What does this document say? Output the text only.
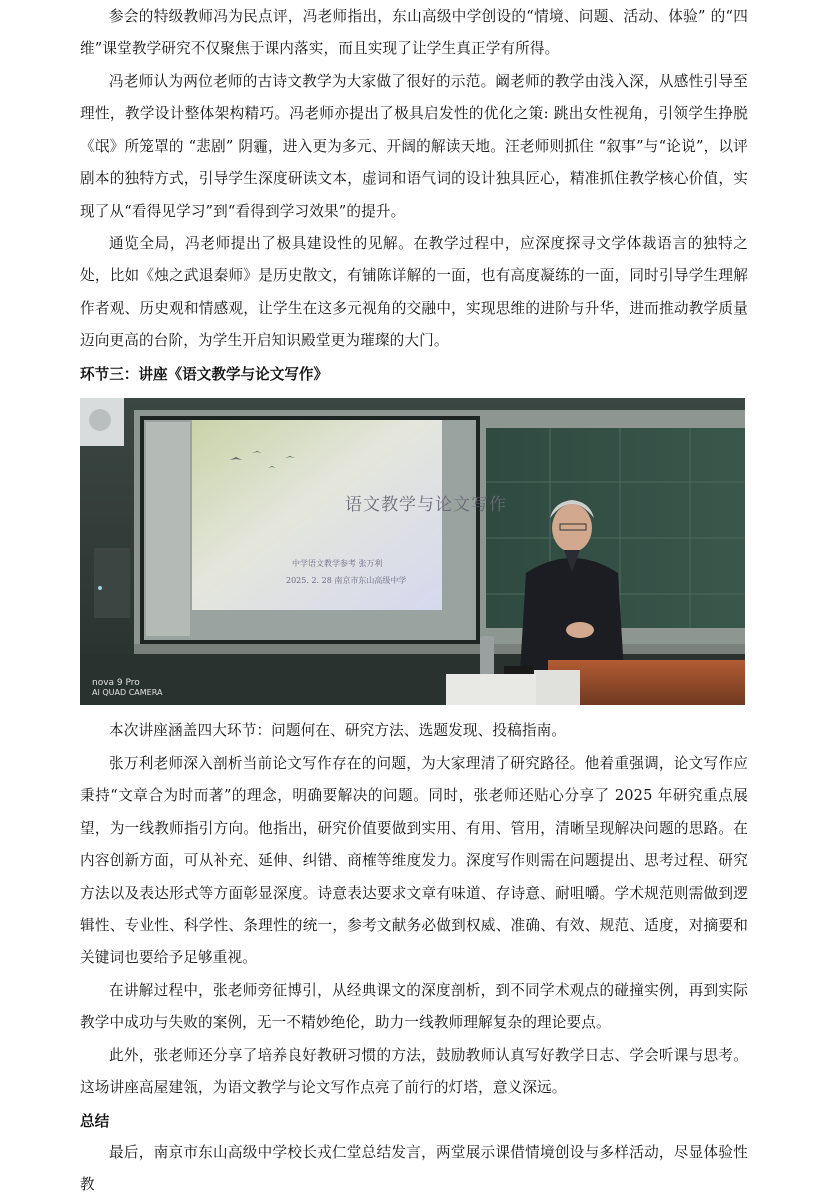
参会的特级教师冯为民点评，冯老师指出，东山高级中学创设的“情境、问题、活动、体验” 的“四维”课堂教学研究不仅聚焦于课内落实，而且实现了让学生真正学有所得。

冯老师认为两位老师的古诗文教学为大家做了很好的示范。阚老师的教学由浅入深，从感性引导至理性，教学设计整体架构精巧。冯老师亦提出了极具启发性的优化之策: 跳出女性视角，引领学生挣脱《氓》所笼罩的 “悲剧” 阴霾，进入更为多元、开阔的解读天地。汪老师则抓住 “叙事”与“论说”，以评剧本的独特方式，引导学生深度研读文本，虚词和语气词的设计独具匠心，精准抓住教学核心价值，实现了从“看得见学习”到“看得到学习效果”的提升。

通览全局，冯老师提出了极具建设性的见解。在教学过程中，应深度探寻文学体裁语言的独特之处，比如《烛之武退秦师》是历史散文，有铺陈详解的一面，也有高度凝练的一面，同时引导学生理解作者观、历史观和情感观，让学生在这多元视角的交融中，实现思维的进阶与升华，进而推动教学质量迈向更高的台阶，为学生开启知识殿堂更为璀璨的大门。

环节三：讲座《语文教学与论文写作》
语文教学与论文写作
中学语文教学参考 张万利
2025. 2. 28 南京市东山高级中学
nova 9 Pro
AI QUAD CAMERA

本次讲座涵盖四大环节：问题何在、研究方法、选题发现、投稿指南。

张万利老师深入剖析当前论文写作存在的问题，为大家理清了研究路径。他着重强调，论文写作应秉持“文章合为时而著”的理念，明确要解决的问题。同时，张老师还贴心分享了 2025 年研究重点展望，为一线教师指引方向。他指出，研究价值要做到实用、有用、管用，清晰呈现解决问题的思路。在内容创新方面，可从补充、延伸、纠错、商榷等维度发力。深度写作则需在问题提出、思考过程、研究方法以及表达形式等方面彰显深度。诗意表达要求文章有味道、存诗意、耐咀嚼。学术规范则需做到逻辑性、专业性、科学性、条理性的统一，参考文献务必做到权威、准确、有效、规范、适度，对摘要和关键词也要给予足够重视。

在讲解过程中，张老师旁征博引，从经典课文的深度剖析，到不同学术观点的碰撞实例，再到实际教学中成功与失败的案例，无一不精妙绝伦，助力一线教师理解复杂的理论要点。

此外，张老师还分享了培养良好教研习惯的方法，鼓励教师认真写好教学日志、学会听课与思考。这场讲座高屋建瓴，为语文教学与论文写作点亮了前行的灯塔，意义深远。

总结

最后，南京市东山高级中学校长戎仁堂总结发言，两堂展示课借情境创设与多样活动，尽显体验性教
